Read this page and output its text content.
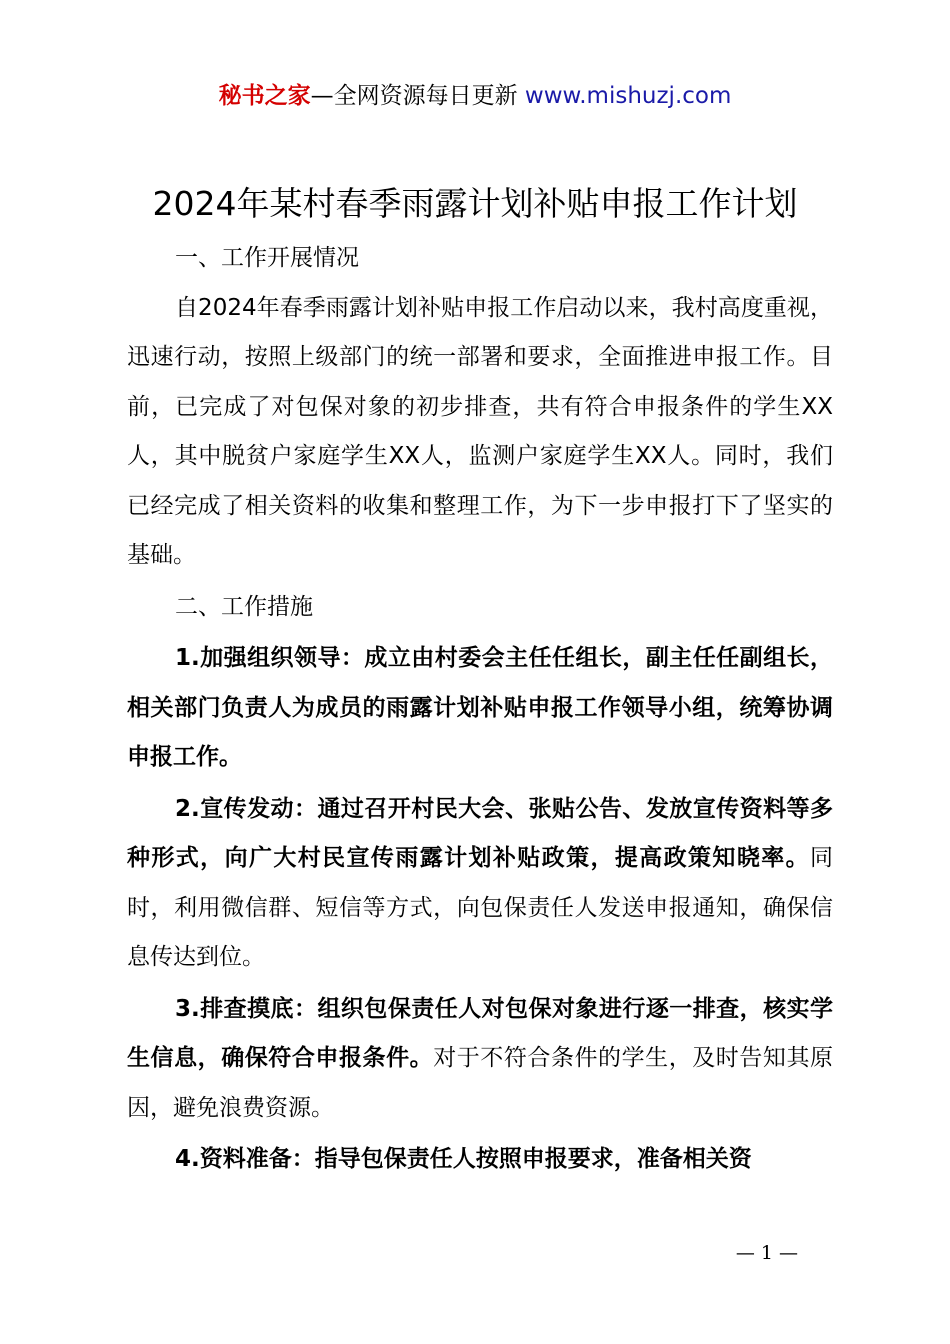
秘书之家—全网资源每日更新 www.mishuzj.com
2024年某村春季雨露计划补贴申报工作计划

一、工作开展情况

自2024年春季雨露计划补贴申报工作启动以来，我村高度重视，迅速行动，按照上级部门的统一部署和要求，全面推进申报工作。目前，已完成了对包保对象的初步排查，共有符合申报条件的学生XX人，其中脱贫户家庭学生XX人，监测户家庭学生XX人。同时，我们已经完成了相关资料的收集和整理工作，为下一步申报打下了坚实的基础。

二、工作措施

1.加强组织领导：成立由村委会主任任组长，副主任任副组长，相关部门负责人为成员的雨露计划补贴申报工作领导小组，统筹协调申报工作。

2.宣传发动：通过召开村民大会、张贴公告、发放宣传资料等多种形式，向广大村民宣传雨露计划补贴政策，提高政策知晓率。同时，利用微信群、短信等方式，向包保责任人发送申报通知，确保信息传达到位。

3.排查摸底：组织包保责任人对包保对象进行逐一排查，核实学生信息，确保符合申报条件。对于不符合条件的学生，及时告知其原因，避免浪费资源。

4.资料准备：指导包保责任人按照申报要求，准备相关资

— 1 —
